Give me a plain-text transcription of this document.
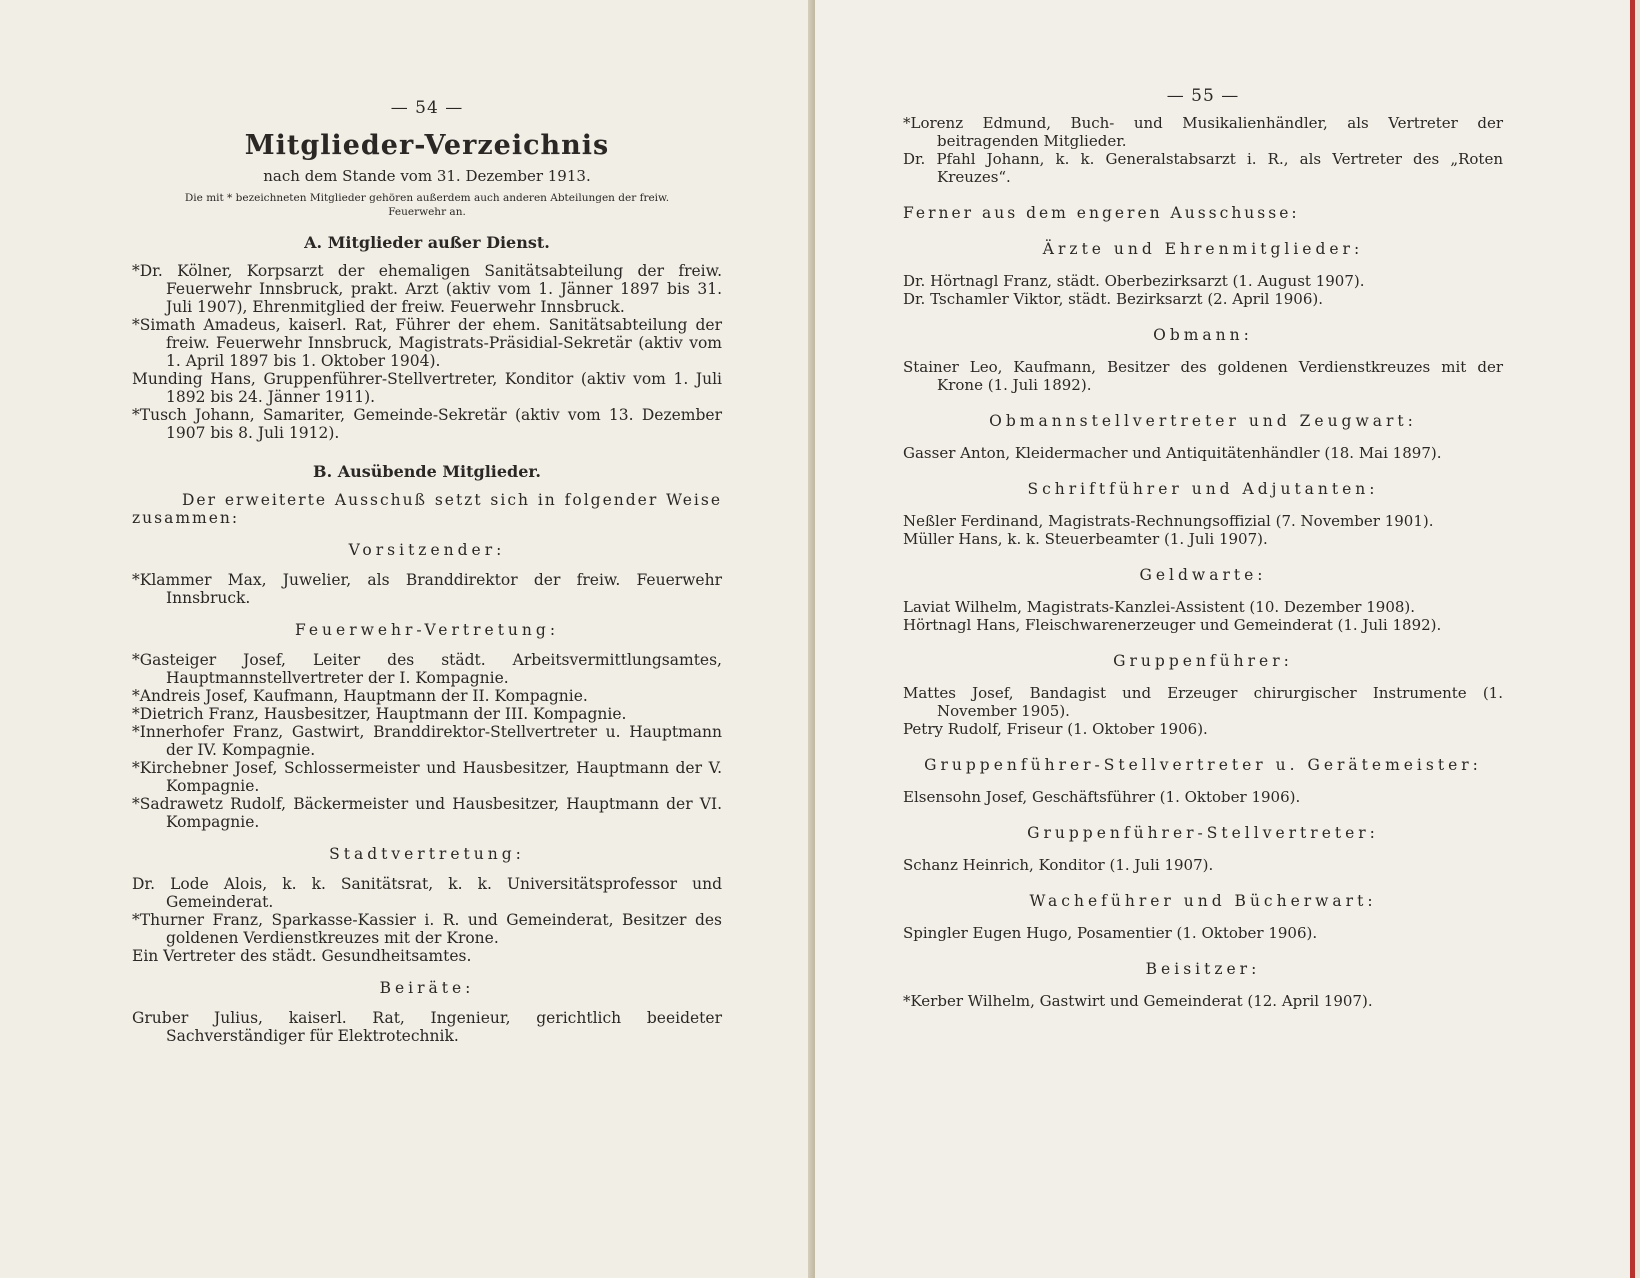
— 54 —

Mitglieder-Verzeichnis

nach dem Stande vom 31. Dezember 1913.

Die mit * bezeichneten Mitglieder gehören außerdem auch anderen Abteilungen der freiw. Feuerwehr an.

A. Mitglieder außer Dienst.

*Dr. Kölner, Korpsarzt der ehemaligen Sanitätsabteilung der freiw. Feuerwehr Innsbruck, prakt. Arzt (aktiv vom 1. Jänner 1897 bis 31. Juli 1907), Ehrenmitglied der freiw. Feuerwehr Innsbruck.

*Simath Amadeus, kaiserl. Rat, Führer der ehem. Sanitätsabteilung der freiw. Feuerwehr Innsbruck, Magistrats-Präsidial-Sekretär (aktiv vom 1. April 1897 bis 1. Oktober 1904).

Munding Hans, Gruppenführer-Stellvertreter, Konditor (aktiv vom 1. Juli 1892 bis 24. Jänner 1911).

*Tusch Johann, Samariter, Gemeinde-Sekretär (aktiv vom 13. Dezember 1907 bis 8. Juli 1912).

B. Ausübende Mitglieder.

Der erweiterte Ausschuß setzt sich in folgender Weise zusammen:

Vorsitzender:

*Klammer Max, Juwelier, als Branddirektor der freiw. Feuerwehr Innsbruck.

Feuerwehr-Vertretung:

*Gasteiger Josef, Leiter des städt. Arbeitsvermittlungsamtes, Hauptmannstellvertreter der I. Kompagnie.

*Andreis Josef, Kaufmann, Hauptmann der II. Kompagnie.

*Dietrich Franz, Hausbesitzer, Hauptmann der III. Kompagnie.

*Innerhofer Franz, Gastwirt, Branddirektor-Stellvertreter u. Hauptmann der IV. Kompagnie.

*Kirchebner Josef, Schlossermeister und Hausbesitzer, Hauptmann der V. Kompagnie.

*Sadrawetz Rudolf, Bäckermeister und Hausbesitzer, Hauptmann der VI. Kompagnie.

Stadtvertretung:

Dr. Lode Alois, k. k. Sanitätsrat, k. k. Universitätsprofessor und Gemeinderat.

*Thurner Franz, Sparkasse-Kassier i. R. und Gemeinderat, Besitzer des goldenen Verdienstkreuzes mit der Krone.

Ein Vertreter des städt. Gesundheitsamtes.

Beiräte:

Gruber Julius, kaiserl. Rat, Ingenieur, gerichtlich beeideter Sachverständiger für Elektrotechnik.

— 55 —

*Lorenz Edmund, Buch- und Musikalienhändler, als Vertreter der beitragenden Mitglieder.

Dr. Pfahl Johann, k. k. Generalstabsarzt i. R., als Vertreter des „Roten Kreuzes“.

Ferner aus dem engeren Ausschusse:

Ärzte und Ehrenmitglieder:

Dr. Hörtnagl Franz, städt. Oberbezirksarzt (1. August 1907).

Dr. Tschamler Viktor, städt. Bezirksarzt (2. April 1906).

Obmann:

Stainer Leo, Kaufmann, Besitzer des goldenen Verdienstkreuzes mit der Krone (1. Juli 1892).

Obmannstellvertreter und Zeugwart:

Gasser Anton, Kleidermacher und Antiquitätenhändler (18. Mai 1897).

Schriftführer und Adjutanten:

Neßler Ferdinand, Magistrats-Rechnungsoffizial (7. November 1901).

Müller Hans, k. k. Steuerbeamter (1. Juli 1907).

Geldwarte:

Laviat Wilhelm, Magistrats-Kanzlei-Assistent (10. Dezember 1908).

Hörtnagl Hans, Fleischwarenerzeuger und Gemeinderat (1. Juli 1892).

Gruppenführer:

Mattes Josef, Bandagist und Erzeuger chirurgischer Instrumente (1. November 1905).

Petry Rudolf, Friseur (1. Oktober 1906).

Gruppenführer-Stellvertreter u. Gerätemeister:

Elsensohn Josef, Geschäftsführer (1. Oktober 1906).

Gruppenführer-Stellvertreter:

Schanz Heinrich, Konditor (1. Juli 1907).

Wacheführer und Bücherwart:

Spingler Eugen Hugo, Posamentier (1. Oktober 1906).

Beisitzer:

*Kerber Wilhelm, Gastwirt und Gemeinderat (12. April 1907).
